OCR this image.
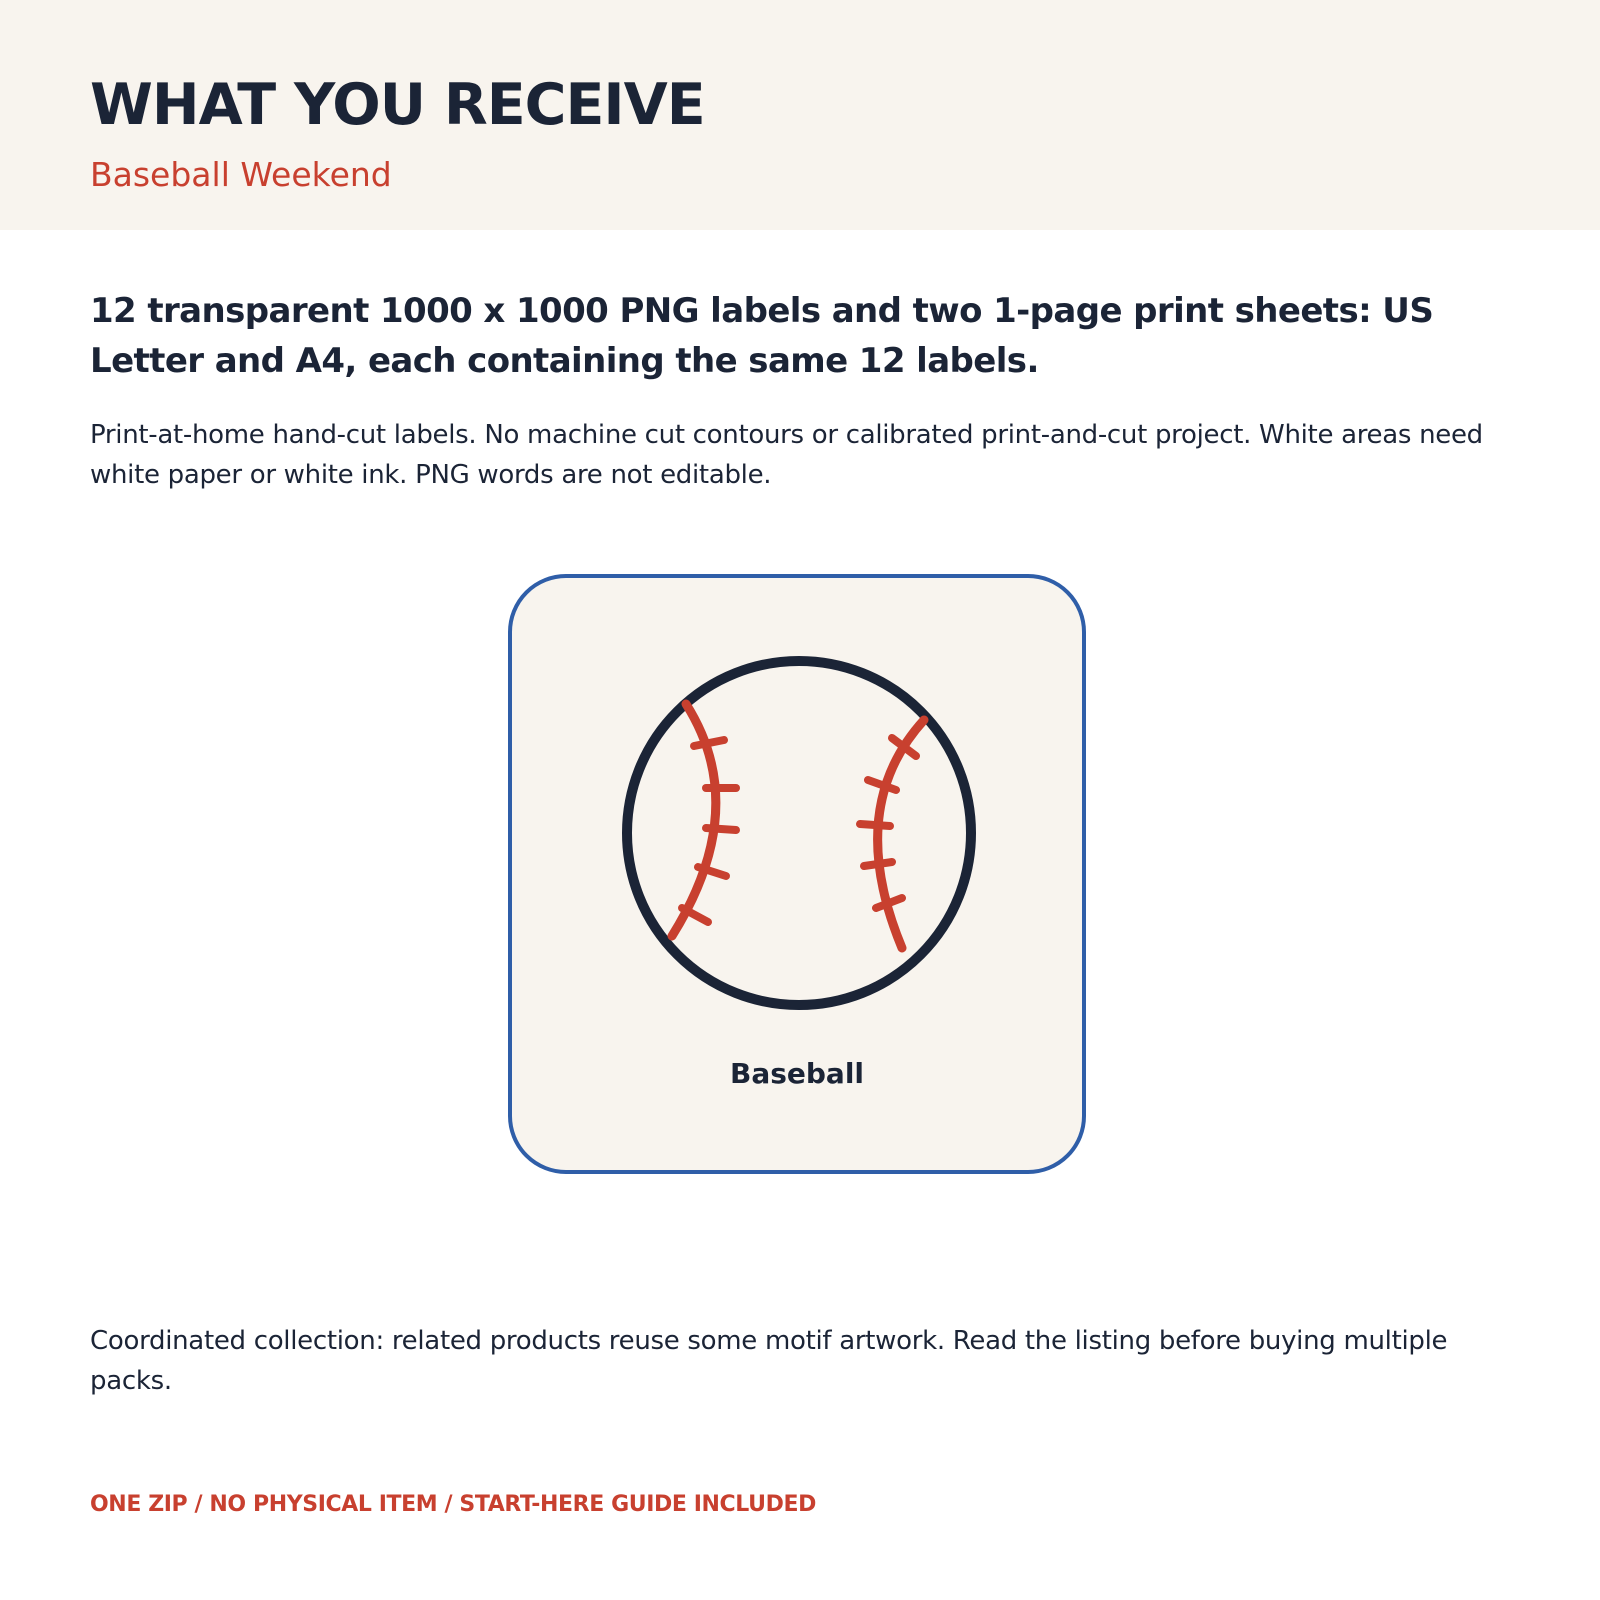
WHAT YOU RECEIVE

Baseball Weekend

12 transparent 1000 x 1000 PNG labels and two 1-page print sheets: US Letter and A4, each containing the same 12 labels.

Print-at-home hand-cut labels. No machine cut contours or calibrated print-and-cut project. White areas need white paper or white ink. PNG words are not editable.

Baseball

Coordinated collection: related products reuse some motif artwork. Read the listing before buying multiple packs.

ONE ZIP / NO PHYSICAL ITEM / START-HERE GUIDE INCLUDED
